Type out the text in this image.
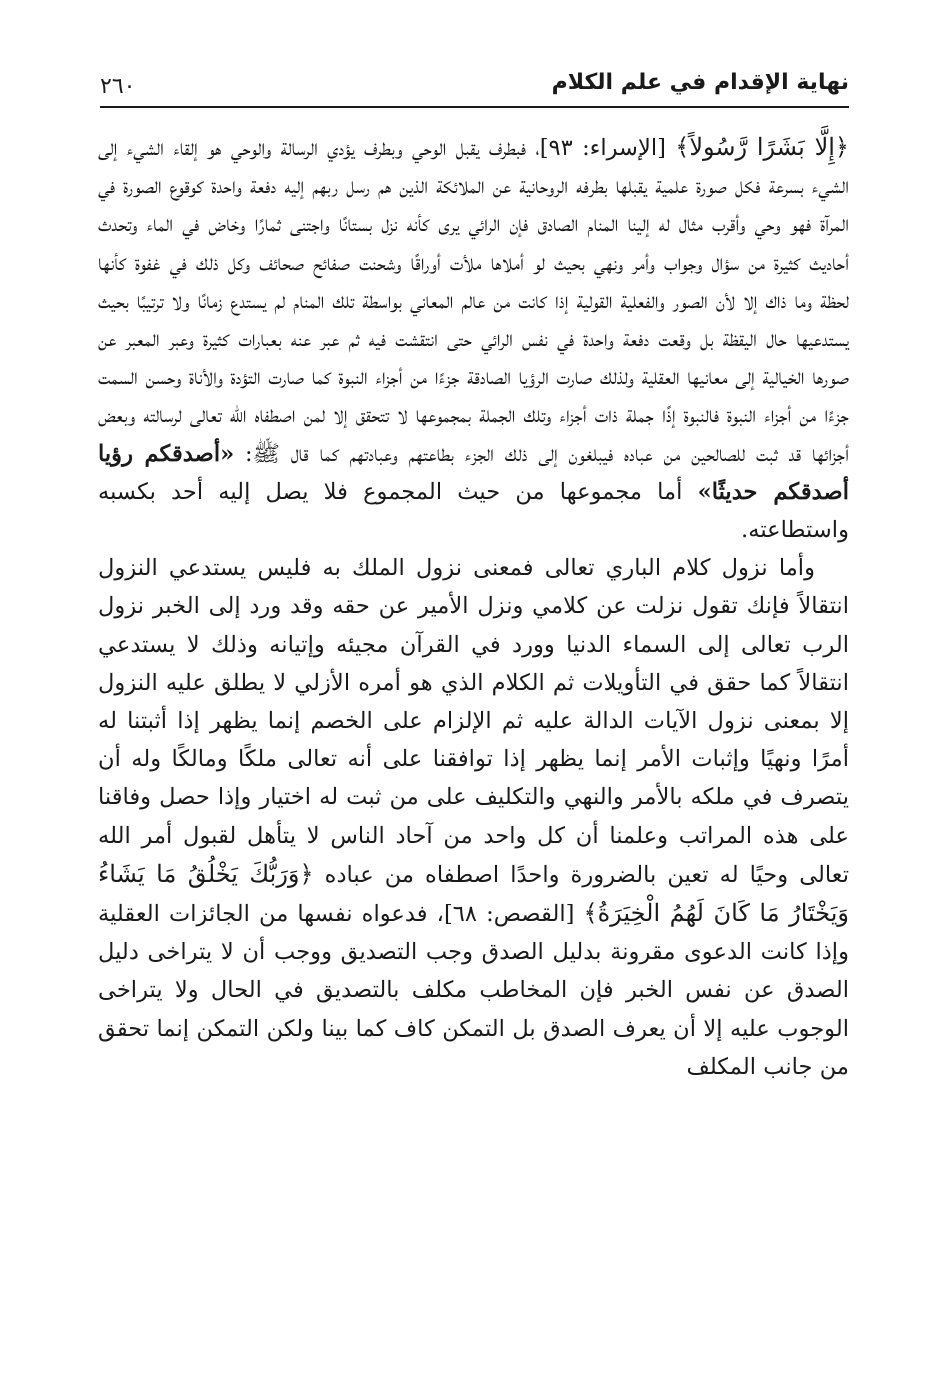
نهاية الإقدام في علم الكلام
٢٦٠

﴿إِلَّا بَشَرًا رَّسُولاً﴾ [الإسراء: ٩٣]، فبطرف يقبل الوحي وبطرف يؤدي الرسالة والوحي هو إلقاء الشيء إلى الشيء بسرعة فكل صورة علمية يقبلها بطرفه الروحانية عن الملائكة الذين هم رسل ربهم إليه دفعة واحدة كوقوع الصورة في المرآة فهو وحي وأقرب مثال له إلينا المنام الصادق فإن الرائي يرى كأنه نزل بستانًا واجتنى ثمارًا وخاض في الماء وتحدث أحاديث كثيرة من سؤال وجواب وأمر ونهي بحيث لو أملاها ملأت أوراقًا وشحنت صفائح صحائف وكل ذلك في غفوة كأنها لحظة وما ذاك إلا لأن الصور والفعلية القولية إذا كانت من عالم المعاني بواسطة تلك المنام لم يستدع زمانًا ولا ترتيبًا بحيث يستدعيها حال اليقظة بل وقعت دفعة واحدة في نفس الرائي حتى انتقشت فيه ثم عبر عنه بعبارات كثيرة وعبر المعبر عن صورها الخيالية إلى معانيها العقلية ولذلك صارت الرؤيا الصادقة جزءًا من أجزاء النبوة كما صارت التؤدة والأناة وحسن السمت جزءًا من أجزاء النبوة فالنبوة إذًا جملة ذات أجزاء وتلك الجملة بمجموعها لا تتحقق إلا لمن اصطفاه الله تعالى لرسالته وبعض أجزائها قد ثبت للصالحين من عباده فيبلغون إلى ذلك الجزء بطاعتهم وعبادتهم كما قال ﷺ: «أصدقكم رؤيا أصدقكم حديثًا» أما مجموعها من حيث المجموع فلا يصل إليه أحد بكسبه واستطاعته.

وأما نزول كلام الباري تعالى فمعنى نزول الملك به فليس يستدعي النزول انتقالاً فإنك تقول نزلت عن كلامي ونزل الأمير عن حقه وقد ورد إلى الخبر نزول الرب تعالى إلى السماء الدنيا وورد في القرآن مجيئه وإتيانه وذلك لا يستدعي انتقالاً كما حقق في التأويلات ثم الكلام الذي هو أمره الأزلي لا يطلق عليه النزول إلا بمعنى نزول الآيات الدالة عليه ثم الإلزام على الخصم إنما يظهر إذا أثبتنا له أمرًا ونهيًا وإثبات الأمر إنما يظهر إذا توافقنا على أنه تعالى ملكًا ومالكًا وله أن يتصرف في ملكه بالأمر والنهي والتكليف على من ثبت له اختيار وإذا حصل وفاقنا على هذه المراتب وعلمنا أن كل واحد من آحاد الناس لا يتأهل لقبول أمر الله تعالى وحيًا له تعين بالضرورة واحدًا اصطفاه من عباده ﴿وَرَبُّكَ يَخْلُقُ مَا يَشَاءُ وَيَخْتَارُ مَا كَانَ لَهُمُ الْخِيَرَةُ﴾ [القصص: ٦٨]، فدعواه نفسها من الجائزات العقلية وإذا كانت الدعوى مقرونة بدليل الصدق وجب التصديق ووجب أن لا يتراخى دليل الصدق عن نفس الخبر فإن المخاطب مكلف بالتصديق في الحال ولا يتراخى الوجوب عليه إلا أن يعرف الصدق بل التمكن كاف كما بينا ولكن التمكن إنما تحقق من جانب المكلف
